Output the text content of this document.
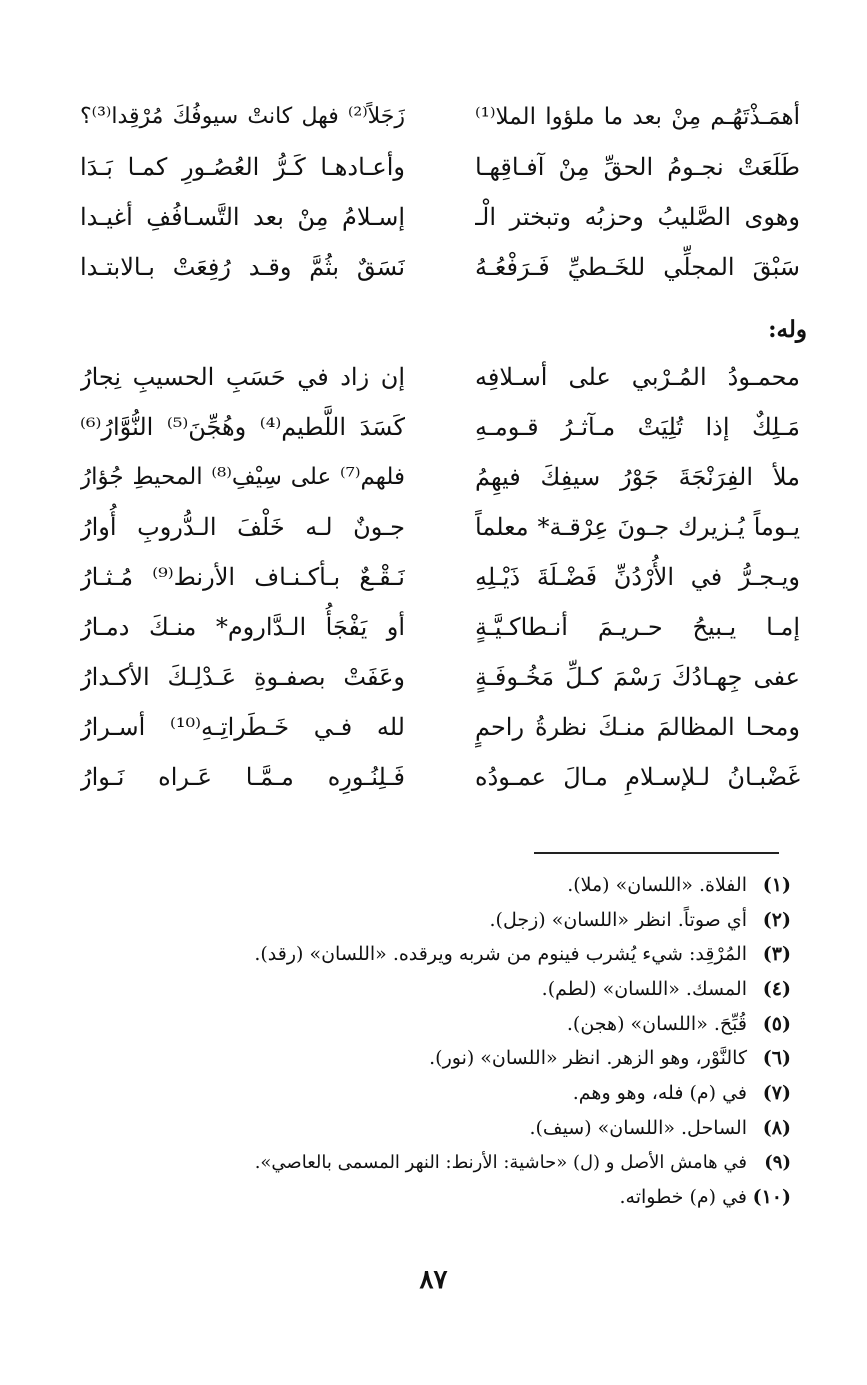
أهمَـذْتَهُـم مِنْ بعد ما ملؤوا الملا⁽¹⁾
زَجَلاً⁽²⁾ فهل كانتْ سيوفُكَ مُرْقِدا⁽³⁾؟
طَلَعَتْ نجـومُ الحقِّ مِنْ آفـاقِهـا
وأعـادهـا كَـرُّ العُصُـورِ كمـا بَـدَا
وهوى الصَّليبُ وحزبُه وتبختر الْـ
إسـلامُ مِنْ بعد التَّسـافُفِ أغيـدا
سَبْقَ المجلِّي للخَـطيِّ فَـرَفْعُـهُ
نَسَقٌ بثُمَّ وقـد رُفِعَتْ بـالابتـدا
وله:
محمـودُ المُـرْبي على أسـلافِه
إن زاد في حَسَبِ الحسيبِ نِجارُ
مَـلِكٌ إذا تُلِيَتْ مـآثـرُ قـومـهِ
كَسَدَ اللَّطيم⁽⁴⁾ وهُجِّنَ⁽⁵⁾ النُّوَّارُ⁽⁶⁾
ملأ الفِرَنْجَةَ جَوْرُ سيفِكَ فيهِمُ
فلهم⁽⁷⁾ على سِيْفِ⁽⁸⁾ المحيطِ جُؤارُ
يـوماً يُـزيرك جـونَ عِرْقـة* معلماً
جـونٌ لـه خَلْفَ الـدُّروبِ أُوارُ
ويـجـرُّ في الأُرْدُنِّ فَضْـلَةَ ذَيْـلِهِ
نَـقْـعٌ بـأكـنـاف الأرنط⁽⁹⁾ مُـثـارُ
إمـا يـبيحُ حـريـمَ أنـطاكـيَّـةٍ
أو يَفْجَأُ الـدَّاروم* منـكَ دمـارُ
عفى جِهـادُكَ رَسْمَ كـلِّ مَخُـوفَـةٍ
وعَفَتْ بصفـوةِ عَـدْلِـكَ الأكـدارُ
ومحـا المظالمَ منـكَ نظرةُ راحمٍ
لله فـي خَـطَراتِـهِ⁽¹⁰⁾ أسـرارُ
غَضْبـانُ لـلإسـلامِ مـالَ عمـودُه
فَـلِنُـورِه مـمَّـا عَـراه نَـوارُ
(١)الفلاة. «اللسان» (ملا).
(٢)أي صوتاً. انظر «اللسان» (زجل).
(٣)المُرْقِد: شيء يُشرب فينوم من شربه ويرقده. «اللسان» (رقد).
(٤)المسك. «اللسان» (لطم).
(٥)قُبِّحَ. «اللسان» (هجن).
(٦)كالنَّوْر، وهو الزهر. انظر «اللسان» (نور).
(٧)في (م) فله، وهو وهم.
(٨)الساحل. «اللسان» (سيف).
(٩)في هامش الأصل و (ل) «حاشية: الأرنط: النهر المسمى بالعاصي».
(١٠)في (م) خطواته.
٨٧
